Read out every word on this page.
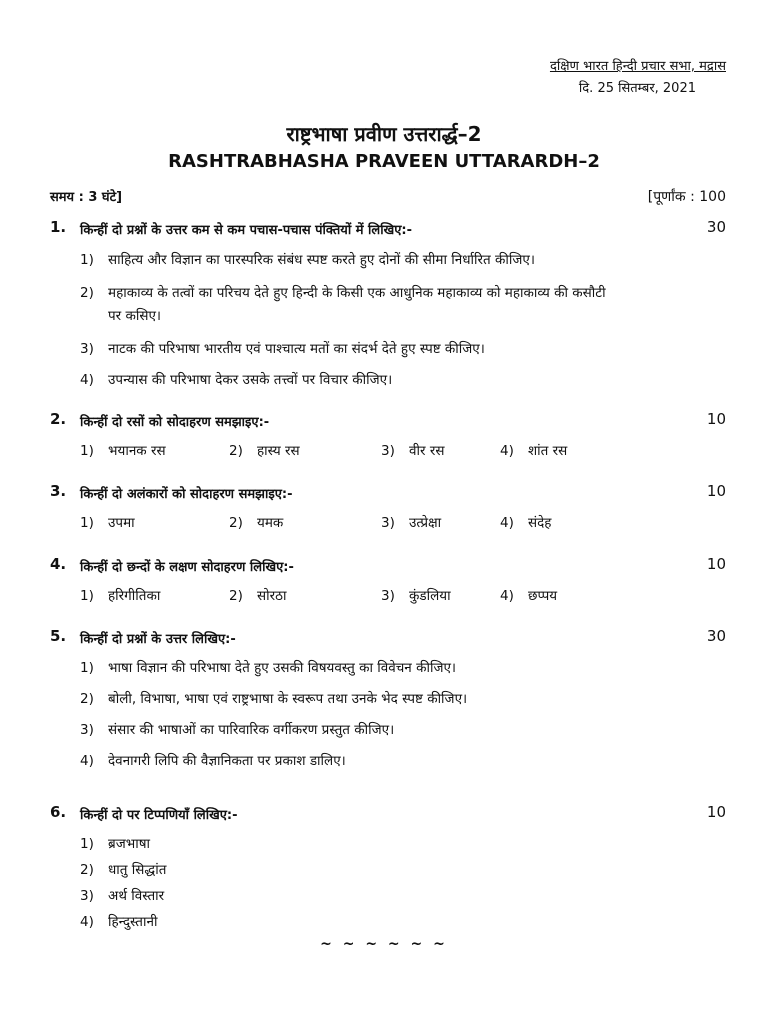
दक्षिण भारत हिन्दी प्रचार सभा, मद्रास
दि. 25 सितम्बर, 2021
राष्ट्रभाषा प्रवीण उत्तरार्द्ध–2
RASHTRABHASHA PRAVEEN UTTARARDH–2
समय : 3 घंटे]	[पूर्णांक : 100
1. किन्हीं दो प्रश्नों के उत्तर कम से कम पचास-पचास पंक्तियों में लिखिए:-	30
1) साहित्य और विज्ञान का पारस्परिक संबंध स्पष्ट करते हुए दोनों की सीमा निर्धारित कीजिए।
2) महाकाव्य के तत्वों का परिचय देते हुए हिन्दी के किसी एक आधुनिक महाकाव्य को महाकाव्य की कसौटी
पर कसिए।
3) नाटक की परिभाषा भारतीय एवं पाश्चात्य मतों का संदर्भ देते हुए स्पष्ट कीजिए।
4) उपन्यास की परिभाषा देकर उसके तत्त्वों पर विचार कीजिए।
2. किन्हीं दो रसों को सोदाहरण समझाइए:-	10
1) भयानक रस	2) हास्य रस	3) वीर रस	4) शांत रस
3. किन्हीं दो अलंकारों को सोदाहरण समझाइए:-	10
1) उपमा	2) यमक	3) उत्प्रेक्षा	4) संदेह
4. किन्हीं दो छन्दों के लक्षण सोदाहरण लिखिए:-	10
1) हरिगीतिका	2) सोरठा	3) कुंडलिया	4) छप्पय
5. किन्हीं दो प्रश्नों के उत्तर लिखिए:-	30
1) भाषा विज्ञान की परिभाषा देते हुए उसकी विषयवस्तु का विवेचन कीजिए।
2) बोली, विभाषा, भाषा एवं राष्ट्रभाषा के स्वरूप तथा उनके भेद स्पष्ट कीजिए।
3) संसार की भाषाओं का पारिवारिक वर्गीकरण प्रस्तुत कीजिए।
4) देवनागरी लिपि की वैज्ञानिकता पर प्रकाश डालिए।
6. किन्हीं दो पर टिप्पणियाँ लिखिए:-	10
1) ब्रजभाषा
2) धातु सिद्धांत
3) अर्थ विस्तार
4) हिन्दुस्तानी
~ ~ ~ ~ ~ ~
